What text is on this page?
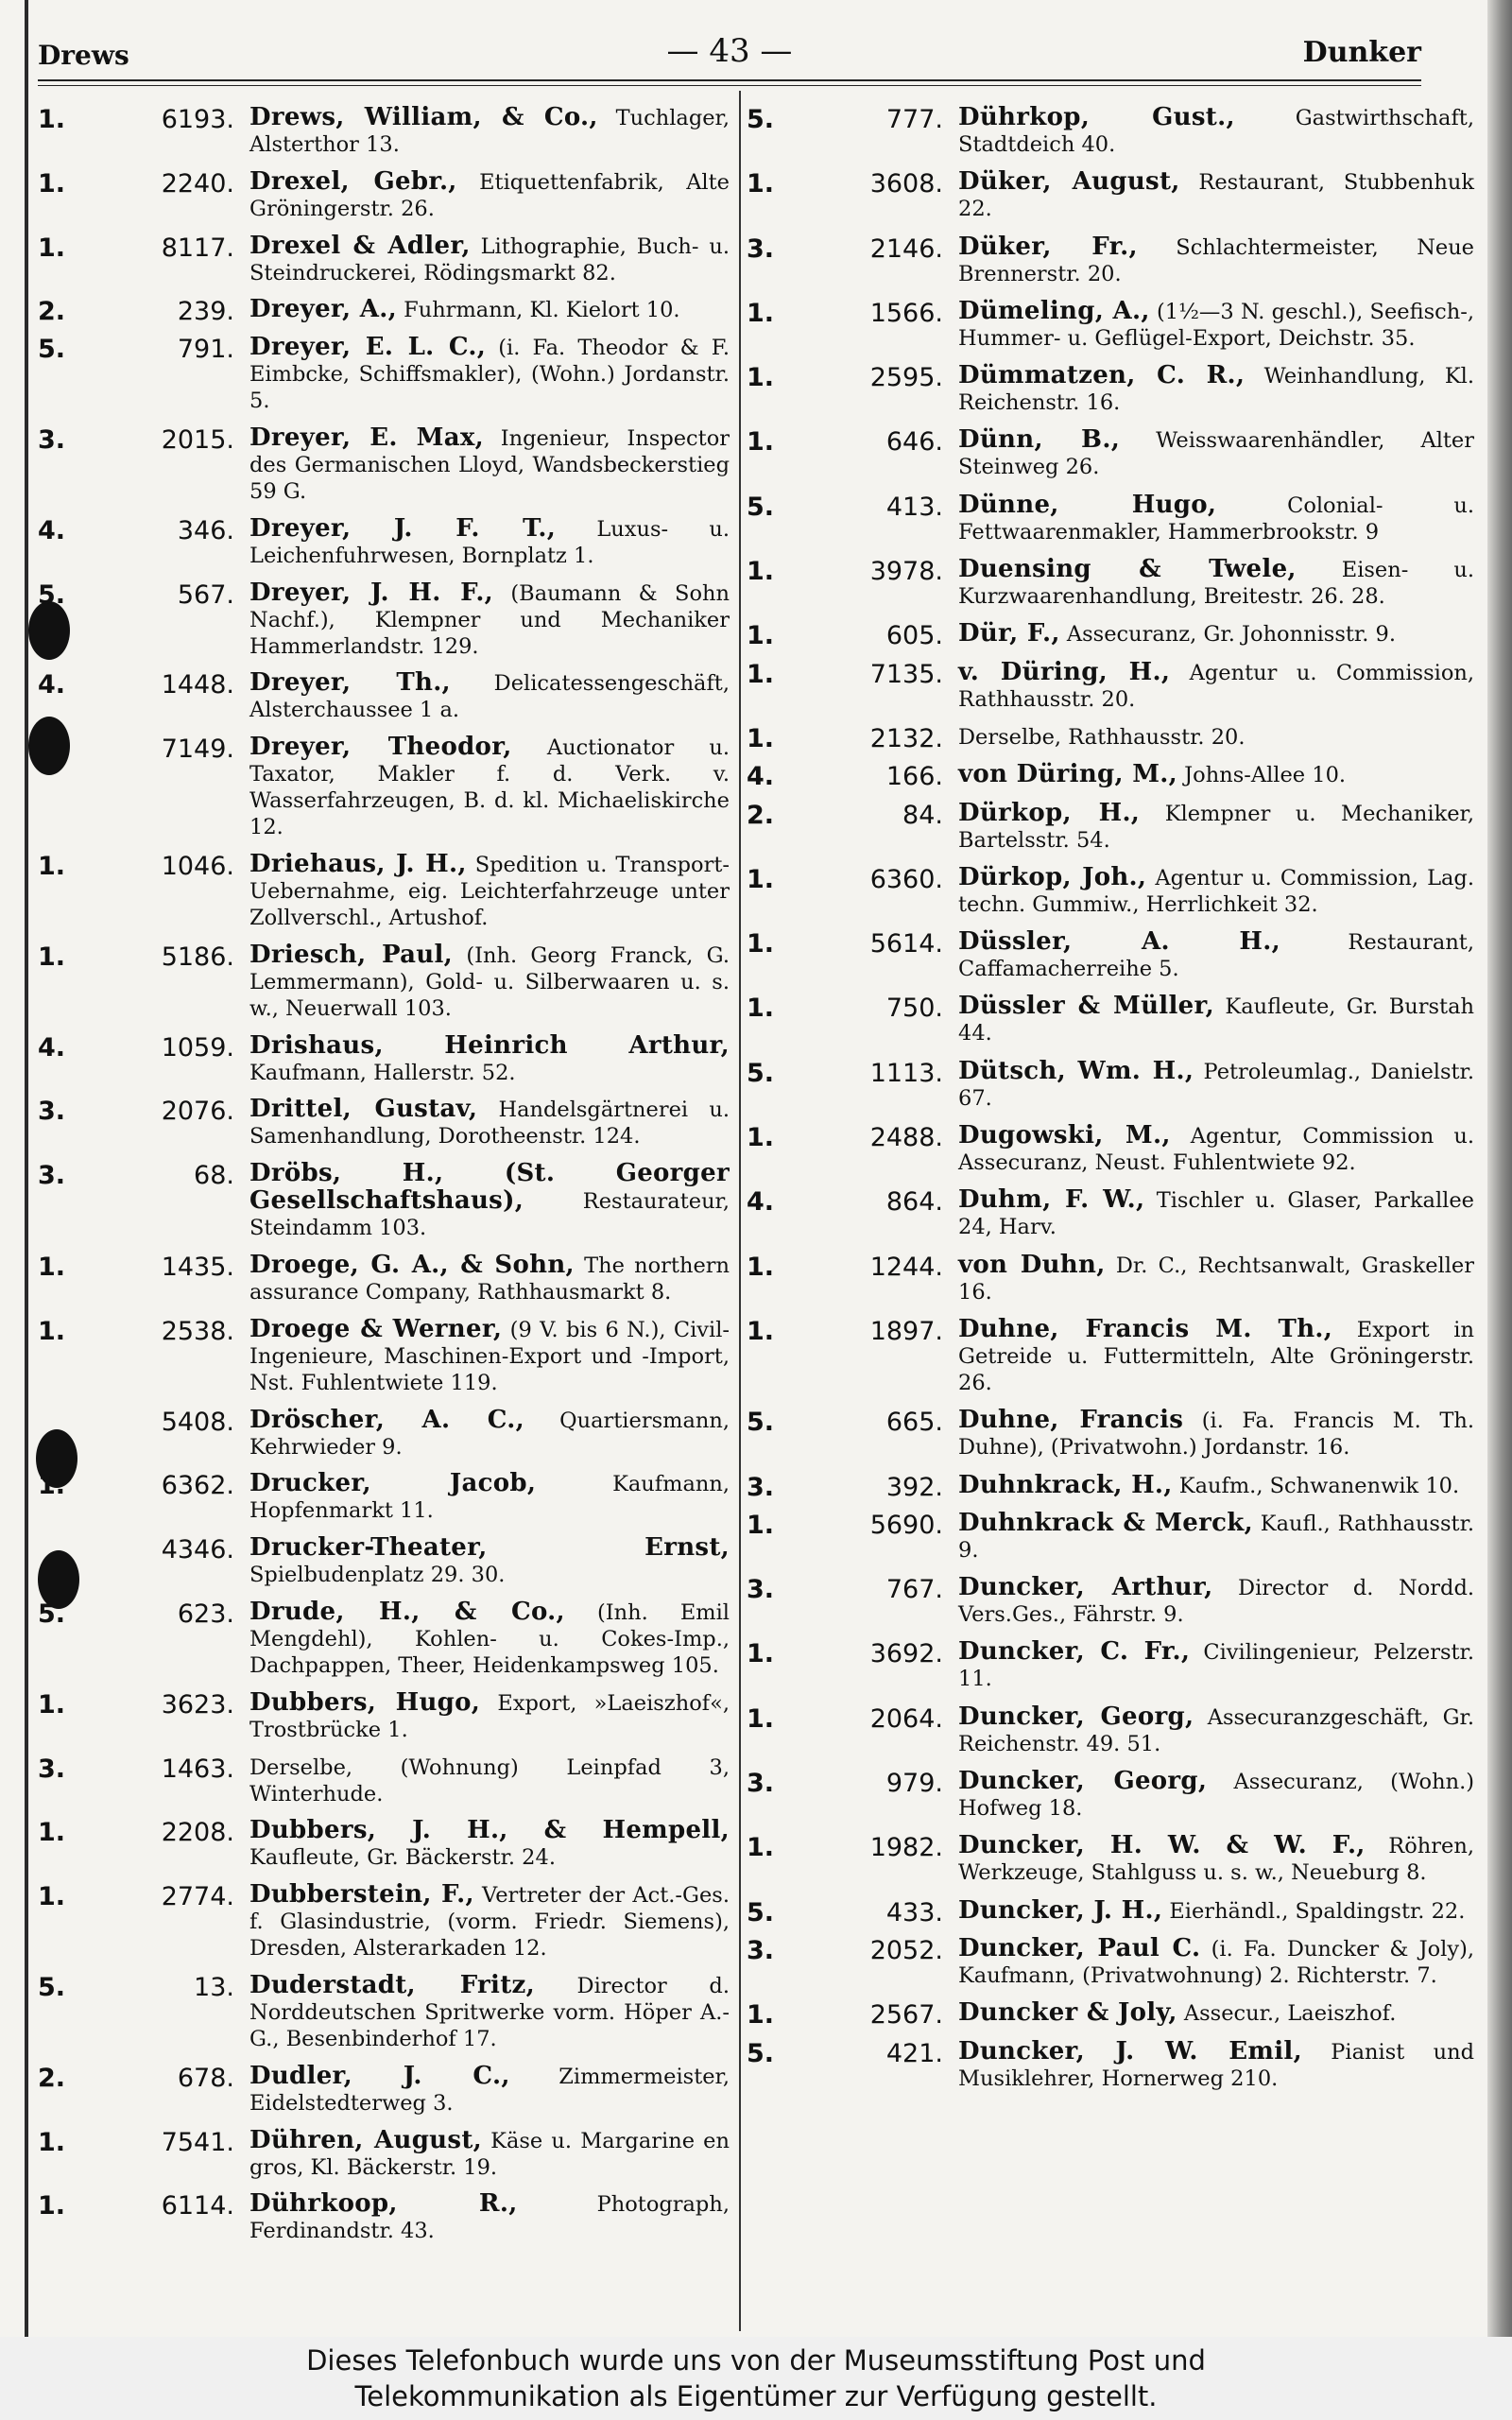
Drews	— 43 —	Dunker
1.	6193. Drews, William, & Co., Tuchlager, Alsterthor 13.
1.	2240. Drexel, Gebr., Etiquettenfabrik, Alte Gröningerstr. 26.
1.	8117. Drexel & Adler, Lithographie, Buch- u. Steindruckerei, Rödingsmarkt 82.
2.	239. Dreyer, A., Fuhrmann, Kl. Kielort 10.
5.	791. Dreyer, E. L. C., (i. Fa. Theodor & F. Eimbcke, Schiffsmakler), (Wohn.) Jordanstr. 5.
3.	2015. Dreyer, E. Max, Ingenieur, Inspector des Germanischen Lloyd, Wandsbeckerstieg 59 G.
4.	346. Dreyer, J. F. T., Luxus- u. Leichenfuhrwesen, Bornplatz 1.
5.	567. Dreyer, J. H. F., (Baumann & Sohn Nachf.), Klempner und Mechaniker Hammerlandstr. 129.
4.	1448. Dreyer, Th., Delicatessengeschäft, Alsterchaussee 1 a.
7149. Dreyer, Theodor, Auctionator u. Taxator, Makler f. d. Verk. v. Wasserfahrzeugen, B. d. kl. Michaeliskirche 12.
1.	1046. Driehaus, J. H., Spedition u. Transport-Uebernahme, eig. Leichterfahrzeuge unter Zollverschl., Artushof.
1.	5186. Driesch, Paul, (Inh. Georg Franck, G. Lemmermann), Gold- u. Silberwaaren u. s. w., Neuerwall 103.
4.	1059. Drishaus, Heinrich Arthur, Kaufmann, Hallerstr. 52.
3.	2076. Drittel, Gustav, Handelsgärtnerei u. Samenhandlung, Dorotheenstr. 124.
3.	68. Dröbs, H., (St. Georger Gesellschaftshaus), Restaurateur, Steindamm 103.
1.	1435. Droege, G. A., & Sohn, The northern assurance Company, Rathhausmarkt 8.
1.	2538. Droege & Werner, (9 V. bis 6 N.), Civil-Ingenieure, Maschinen-Export und -Import, Nst. Fuhlentwiete 119.
5408. Dröscher, A. C., Quartiersmann, Kehrwieder 9.
1.	6362. Drucker, Jacob, Kaufmann, Hopfenmarkt 11.
4346. Drucker-Theater, Ernst, Spielbudenplatz 29. 30.
5.	623. Drude, H., & Co., (Inh. Emil Mengdehl), Kohlen- u. Cokes-Imp., Dachpappen, Theer, Heidenkampsweg 105.
1.	3623. Dubbers, Hugo, Export, »Laeiszhof«, Trostbrücke 1.
3.	1463. Derselbe, (Wohnung) Leinpfad 3, Winterhude.
1.	2208. Dubbers, J. H., & Hempell, Kaufleute, Gr. Bäckerstr. 24.
1.	2774. Dubberstein, F., Vertreter der Act.-Ges. f. Glasindustrie, (vorm. Friedr. Siemens), Dresden, Alsterarkaden 12.
5.	13. Duderstadt, Fritz, Director d. Norddeutschen Spritwerke vorm. Höper A.-G., Besenbinderhof 17.
2.	678. Dudler, J. C., Zimmermeister, Eidelstedterweg 3.
1.	7541. Dühren, August, Käse u. Margarine en gros, Kl. Bäckerstr. 19.
1.	6114. Dührkoop, R., Photograph, Ferdinandstr. 43.
5.	777. Dührkop, Gust., Gastwirthschaft, Stadtdeich 40.
1.	3608. Düker, August, Restaurant, Stubbenhuk 22.
3.	2146. Düker, Fr., Schlachtermeister, Neue Brennerstr. 20.
1.	1566. Dümeling, A., (1½—3 N. geschl.), Seefisch-, Hummer- u. Geflügel-Export, Deichstr. 35.
1.	2595. Dümmatzen, C. R., Weinhandlung, Kl. Reichenstr. 16.
1.	646. Dünn, B., Weisswaarenhändler, Alter Steinweg 26.
5.	413. Dünne, Hugo, Colonial- u. Fettwaarenmakler, Hammerbrookstr. 9
1.	3978. Duensing & Twele, Eisen- u. Kurzwaarenhandlung, Breitestr. 26. 28.
1.	605. Dür, F., Assecuranz, Gr. Johonnisstr. 9.
1.	7135. v. Düring, H., Agentur u. Commission, Rathhausstr. 20.
1.	2132. Derselbe, Rathhausstr. 20.
4.	166. von Düring, M., Johns-Allee 10.
2.	84. Dürkop, H., Klempner u. Mechaniker, Bartelsstr. 54.
1.	6360. Dürkop, Joh., Agentur u. Commission, Lag. techn. Gummiw., Herrlichkeit 32.
1.	5614. Düssler, A. H., Restaurant, Caffamacherreihe 5.
1.	750. Düssler & Müller, Kaufleute, Gr. Burstah 44.
5.	1113. Dütsch, Wm. H., Petroleumlag., Danielstr. 67.
1.	2488. Dugowski, M., Agentur, Commission u. Assecuranz, Neust. Fuhlentwiete 92.
4.	864. Duhm, F. W., Tischler u. Glaser, Parkallee 24, Harv.
1.	1244. von Duhn, Dr. C., Rechtsanwalt, Graskeller 16.
1.	1897. Duhne, Francis M. Th., Export in Getreide u. Futtermitteln, Alte Gröningerstr. 26.
5.	665. Duhne, Francis (i. Fa. Francis M. Th. Duhne), (Privatwohn.) Jordanstr. 16.
3.	392. Duhnkrack, H., Kaufm., Schwanenwik 10.
1.	5690. Duhnkrack & Merck, Kaufl., Rathhausstr. 9.
3.	767. Duncker, Arthur, Director d. Nordd. Vers.Ges., Fährstr. 9.
1.	3692. Duncker, C. Fr., Civilingenieur, Pelzerstr. 11.
1.	2064. Duncker, Georg, Assecuranzgeschäft, Gr. Reichenstr. 49. 51.
3.	979. Duncker, Georg, Assecuranz, (Wohn.) Hofweg 18.
1.	1982. Duncker, H. W. & W. F., Röhren, Werkzeuge, Stahlguss u. s. w., Neueburg 8.
5.	433. Duncker, J. H., Eierhändl., Spaldingstr. 22.
3.	2052. Duncker, Paul C. (i. Fa. Duncker & Joly), Kaufmann, (Privatwohnung) 2. Richterstr. 7.
1.	2567. Duncker & Joly, Assecur., Laeiszhof.
5.	421. Duncker, J. W. Emil, Pianist und Musiklehrer, Hornerweg 210.
Dieses Telefonbuch wurde uns von der Museumsstiftung Post und
Telekommunikation als Eigentümer zur Verfügung gestellt.
